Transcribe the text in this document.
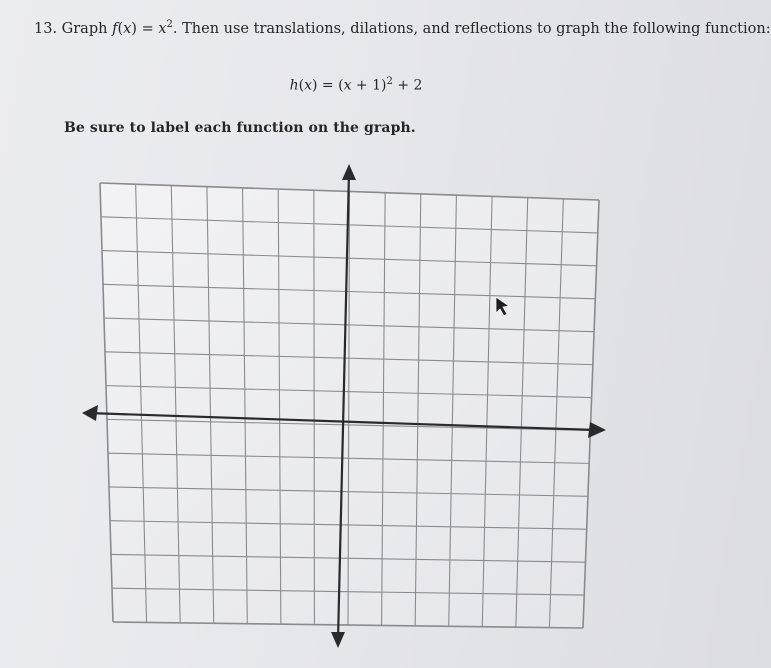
13. Graph $f(x) = x^2$. Then use translations, dilations, and reflections to graph the following function:
$h(x) = (x + 1)^2 + 2$
Be sure to label each function on the graph.
